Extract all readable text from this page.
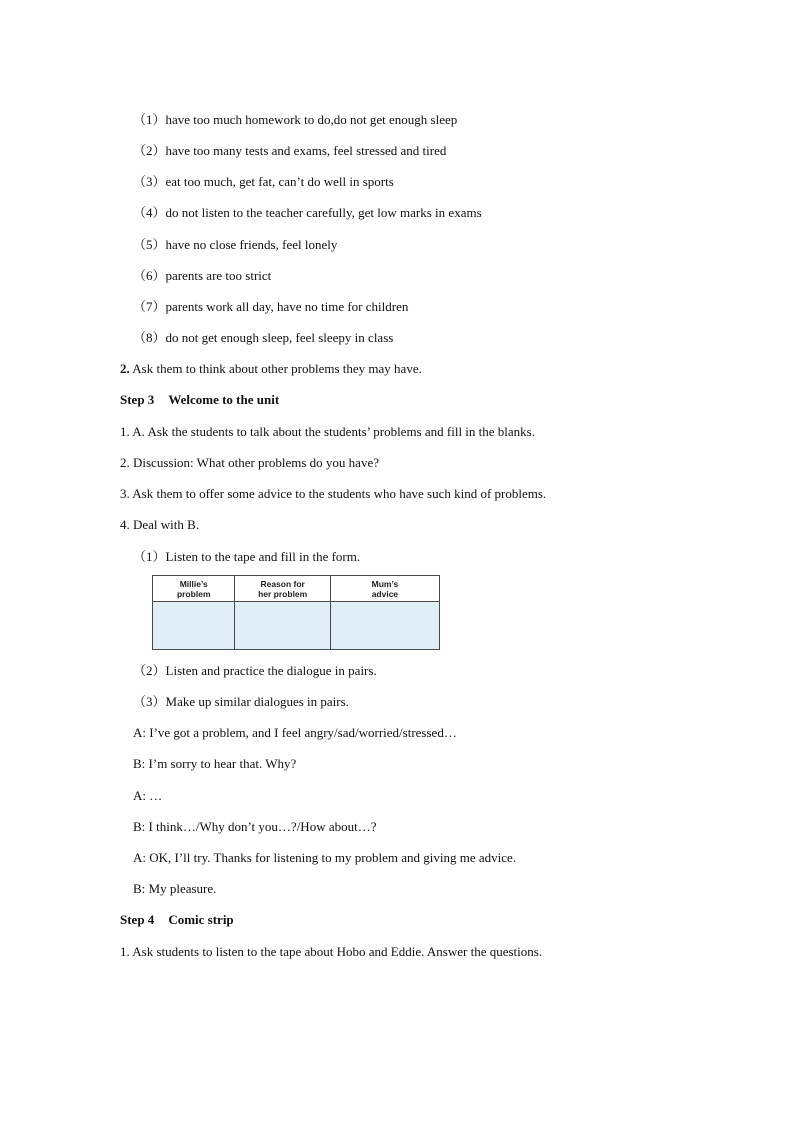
（1）have too much homework to do,do not get enough sleep
（2）have too many tests and exams, feel stressed and tired
（3）eat too much, get fat, can’t do well in sports
（4）do not listen to the teacher carefully, get low marks in exams
（5）have no close friends, feel lonely
（6）parents are too strict
（7）parents work all day, have no time for children
（8）do not get enough sleep, feel sleepy in class
2. Ask them to think about other problems they may have.
Step 3 Welcome to the unit
1. A. Ask the students to talk about the students’ problems and fill in the blanks.
2. Discussion: What other problems do you have?
3. Ask them to offer some advice to the students who have such kind of problems.
4. Deal with B.
（1）Listen to the tape and fill in the form.
Millie’s
problem	Reason for
her problem	Mum’s
advice

（2）Listen and practice the dialogue in pairs.
（3）Make up similar dialogues in pairs.
A: I’ve got a problem, and I feel angry/sad/worried/stressed…
B: I’m sorry to hear that. Why?
A: …
B: I think…/Why don’t you…?/How about…?
A: OK, I’ll try. Thanks for listening to my problem and giving me advice.
B: My pleasure.
Step 4 Comic strip
1. Ask students to listen to the tape about Hobo and Eddie. Answer the questions.
